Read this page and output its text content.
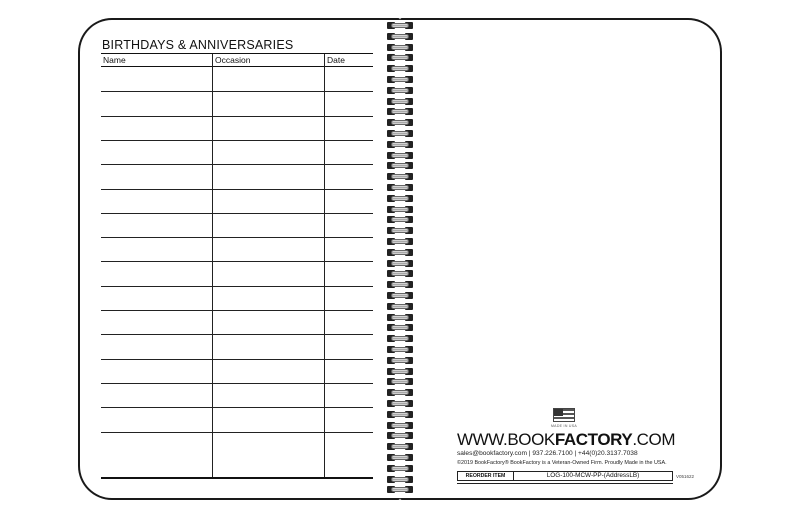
BIRTHDAYS & ANNIVERSARIES
Name	Occasion	Date
MADE IN USA
WWW.BOOKFACTORY.COM
sales@bookfactory.com | 937.226.7100 | +44(0)20.3137.7038
©2019 BookFactory® BookFactory is a Veteran-Owned Firm. Proudly Made in the USA.
REORDER ITEM	LOG-100-MCW-PP-(AddressLB)	V051622
